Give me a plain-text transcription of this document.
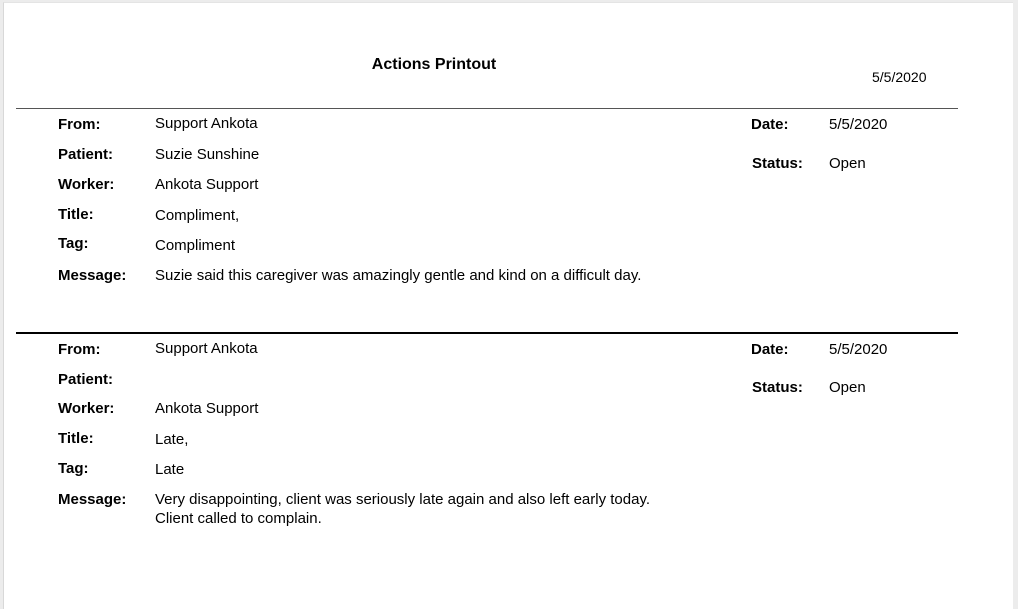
Actions Printout
5/5/2020
From:	Support Ankota
Patient:	Suzie Sunshine
Worker:	Ankota Support
Title:	Compliment,
Tag:	Compliment
Message: Suzie said this caregiver was amazingly gentle and kind on a difficult day.
Date:	5/5/2020
Status: Open
From:	Support Ankota
Patient:
Worker:	Ankota Support
Title:	Late,
Tag:	Late
Message: Very disappointing, client was seriously late again and also left early today. Client called to complain.
Date:	5/5/2020
Status: Open
